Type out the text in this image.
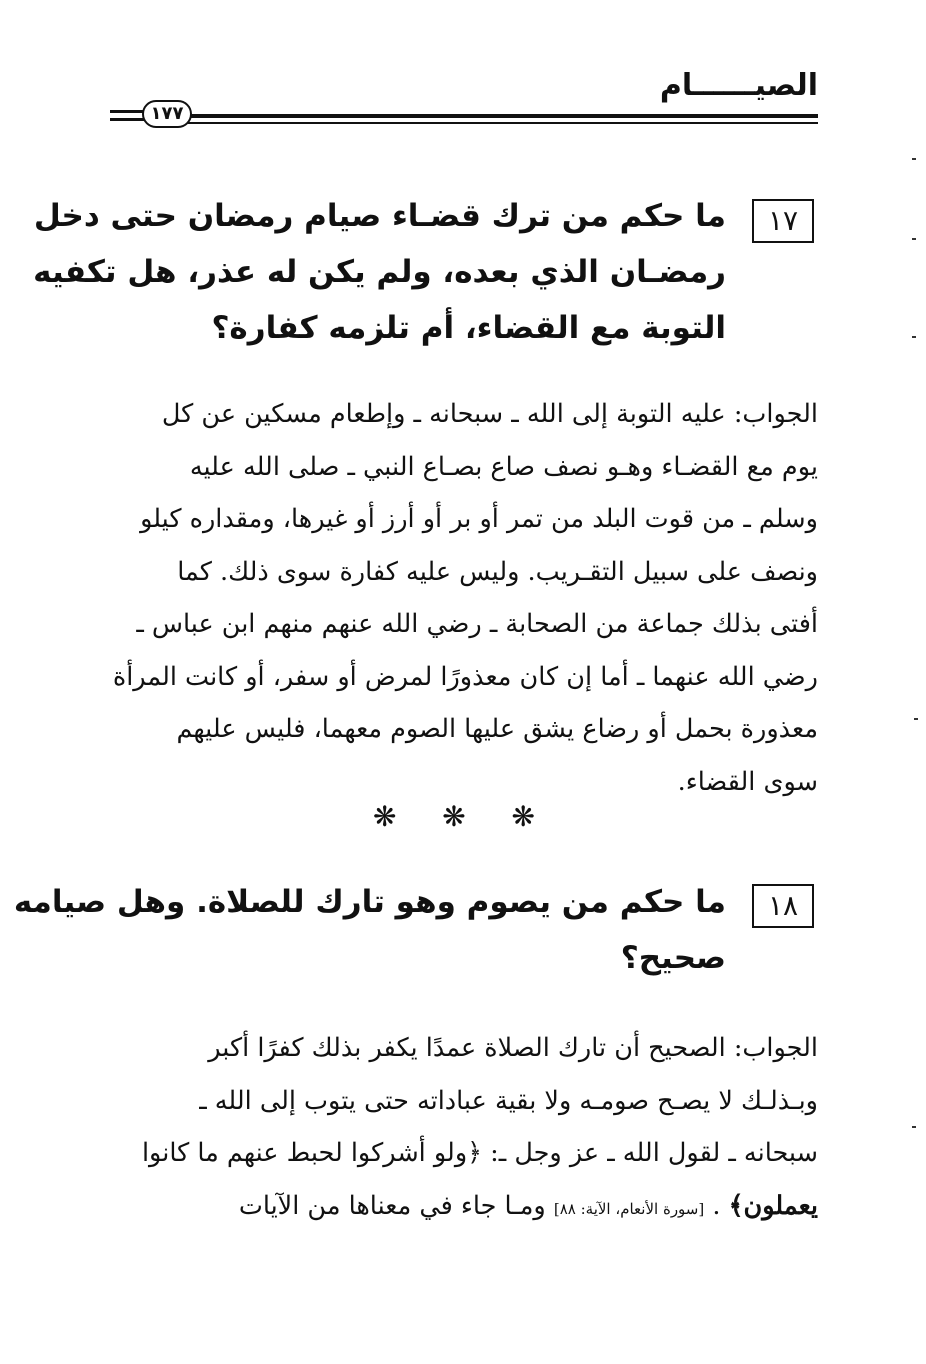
الصيــــــام
١٧٧
١٧
ما حكم من ترك قضـاء صيام رمضان حتى دخل
رمضـان الذي بعده، ولم يكن له عذر، هل تكفيه
التوبة مع القضاء، أم تلزمه كفارة؟
الجواب: عليه التوبة إلى الله ـ سبحانه ـ وإطعام مسكين عن كل
يوم مع القضـاء وهـو نصف صاع بصـاع النبي ـ صلى الله عليه
وسلم ـ من قوت البلد من تمر أو بر أو أرز أو غيرها، ومقداره كيلو
ونصف على سبيل التقـريب. وليس عليه كفارة سوى ذلك. كما
أفتى بذلك جماعة من الصحابة ـ رضي الله عنهم منهم ابن عباس ـ
رضي الله عنهما ـ أما إن كان معذورًا لمرض أو سفر، أو كانت المرأة
معذورة بحمل أو رضاع يشق عليها الصوم معهما، فليس عليهم
سوى القضاء.
❋ ❋ ❋
١٨
ما حكم من يصوم وهو تارك للصلاة. وهل صيامه
صحيح؟
الجواب: الصحيح أن تارك الصلاة عمدًا يكفر بذلك كفرًا أكبر
وبـذلـك لا يصـح صومـه ولا بقية عباداته حتى يتوب إلى الله ـ
سبحانه ـ لقول الله ـ عز وجل ـ: ﴿ولو أشركوا لحبط عنهم ما كانوا
يعملون﴾ . [سورة الأنعام، الآية: ٨٨] ومـا جاء في معناها من الآيات
